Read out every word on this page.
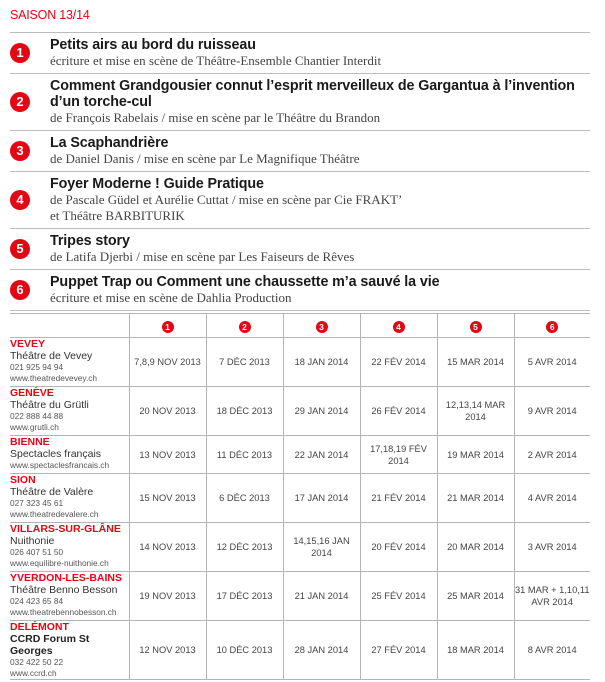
SAISON 13/14
1	Petits airs au bord du ruisseau
écriture et mise en scène de Théâtre-Ensemble Chantier Interdit
2
Comment Grandgousier connut l’esprit merveilleux de Gargantua à l’invention d’un torche-cul
de François Rabelais / mise en scène par le Théâtre du Brandon
3	La Scaphandrière
de Daniel Danis / mise en scène par Le Magnifique Théâtre
4
Foyer Moderne ! Guide Pratique
de Pascale Güdel et Aurélie Cuttat / mise en scène par Cie FRAKT’
et Théâtre BARBITURIK
5	Tripes story
de Latifa Djerbi / mise en scène par Les Faiseurs de Rêves
6	Puppet Trap ou Comment une chaussette m’a sauvé la vie
écriture et mise en scène de Dahlia Production
	1	2	3	4	5	6

VEVEY
Théâtre de Vevey
021 925 94 94
www.theatredevevey.ch	7,8,9 NOV 2013	7 DÉC 2013	18 JAN 2014	22 FÉV 2014	15 MAR 2014	5 AVR 2014

GENÈVE
Théâtre du Grütli
022 888 44 88
www.grutli.ch	20 NOV 2013	18 DÉC 2013	29 JAN 2014	26 FÉV 2014	12,13,14 MAR 2014	9 AVR 2014

BIENNE
Spectacles français
www.spectaclesfrancais.ch	13 NOV 2013	11 DÉC 2013	22 JAN 2014	17,18,19 FÉV 2014	19 MAR 2014	2 AVR 2014

SION
Théâtre de Valère
027 323 45 61
www.theatredevalere.ch	15 NOV 2013	6 DÉC 2013	17 JAN 2014	21 FÉV 2014	21 MAR 2014	4 AVR 2014

VILLARS-SUR-GLÂNE
Nuithonie
026 407 51 50
www.equilibre-nuithonie.ch	14 NOV 2013	12 DÉC 2013	14,15,16 JAN 2014	20 FÉV 2014	20 MAR 2014	3 AVR 2014

YVERDON-LES-BAINS
Théâtre Benno Besson
024 423 65 84
www.theatrebennobesson.ch	19 NOV 2013	17 DÉC 2013	21 JAN 2014	25 FÉV 2014	25 MAR 2014	31 MAR + 1,10,11 AVR 2014

DELÉMONT
CCRD Forum St Georges
032 422 50 22
www.ccrd.ch	12 NOV 2013	10 DÉC 2013	28 JAN 2014	27 FÉV 2014	18 MAR 2014	8 AVR 2014
